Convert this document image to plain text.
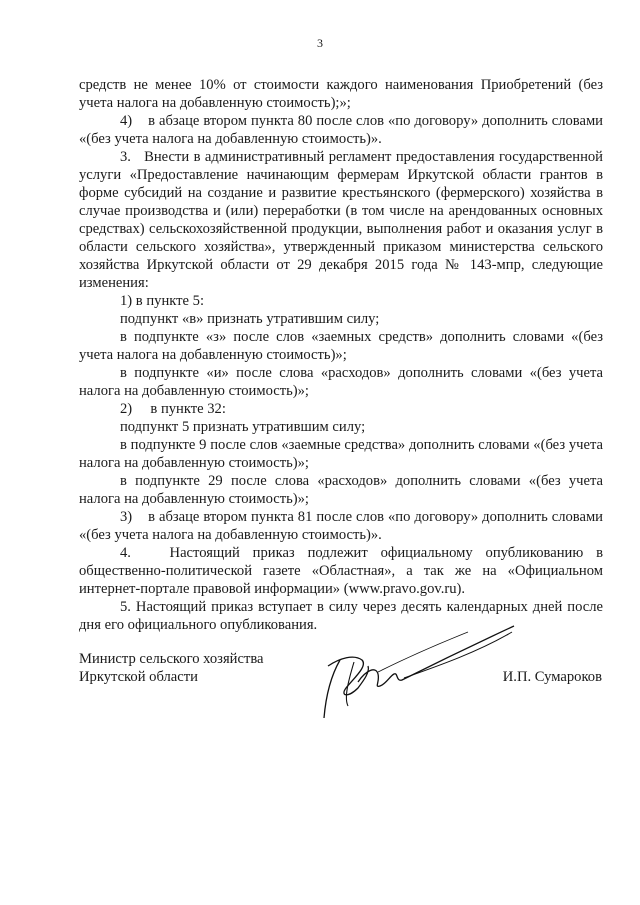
3

средств не менее 10% от стоимости каждого наименования Приобретений (без учета налога на добавленную стоимость);»;

4)    в абзаце втором пункта 80 после слов «по договору» дополнить словами «(без учета налога на добавленную стоимость)».

3.   Внести в административный регламент предоставления государственной услуги «Предоставление начинающим фермерам Иркутской области грантов в форме субсидий на создание и развитие крестьянского (фермерского) хозяйства в случае производства и (или) переработки (в том числе на арендованных основных средствах) сельскохозяйственной продукции, выполнения работ и оказания услуг в области сельского хозяйства», утвержденный приказом министерства сельского хозяйства Иркутской области от 29 декабря 2015 года № 143-мпр, следующие изменения:

1) в пункте 5:

подпункт «в» признать утратившим силу;

в подпункте «з» после слов «заемных средств» дополнить словами «(без учета налога на добавленную стоимость)»;

в подпункте «и» после слова «расходов» дополнить словами «(без учета налога на добавленную стоимость)»;

2)     в пункте 32:

подпункт 5 признать утратившим силу;

в подпункте 9 после слов «заемные средства» дополнить словами «(без учета налога на добавленную стоимость)»;

в подпункте 29 после слова «расходов» дополнить словами «(без учета налога на добавленную стоимость)»;

3)    в абзаце втором пункта 81 после слов «по договору» дополнить словами «(без учета налога на добавленную стоимость)».

4.   Настоящий приказ подлежит официальному опубликованию в общественно-политической газете «Областная», а так же на «Официальном интернет-портале правовой информации» (www.pravo.gov.ru).

5. Настоящий приказ вступает в силу через десять календарных дней после дня его официального опубликования.

Министр сельского хозяйства

Иркутской области	И.П. Сумароков
